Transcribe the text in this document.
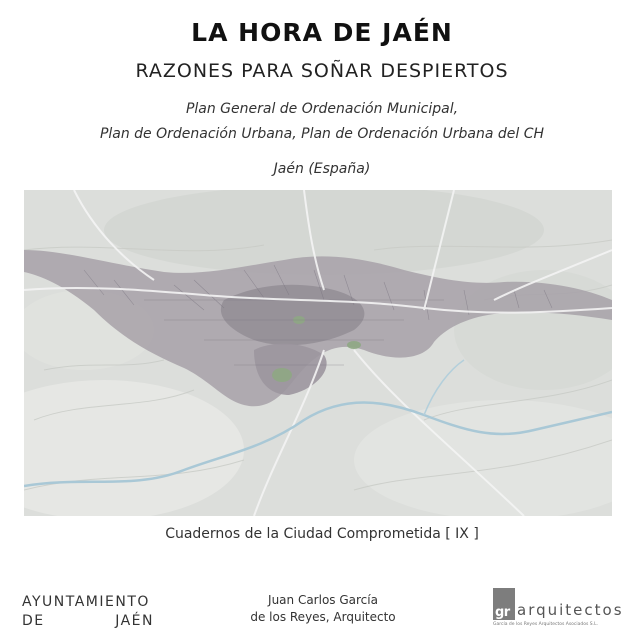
LA HORA DE JAÉN
RAZONES PARA SOÑAR DESPIERTOS
Plan General de Ordenación Municipal,
Plan de Ordenación Urbana, Plan de Ordenación Urbana del CH
Jaén (España)
Cuadernos de la Ciudad Comprometida [ IX ]
AYUNTAMIENTO
DE	JAÉN
Juan Carlos García
de los Reyes, Arquitecto	gr arquitectos
García de los Reyes Arquitectos Asociados S.L.
